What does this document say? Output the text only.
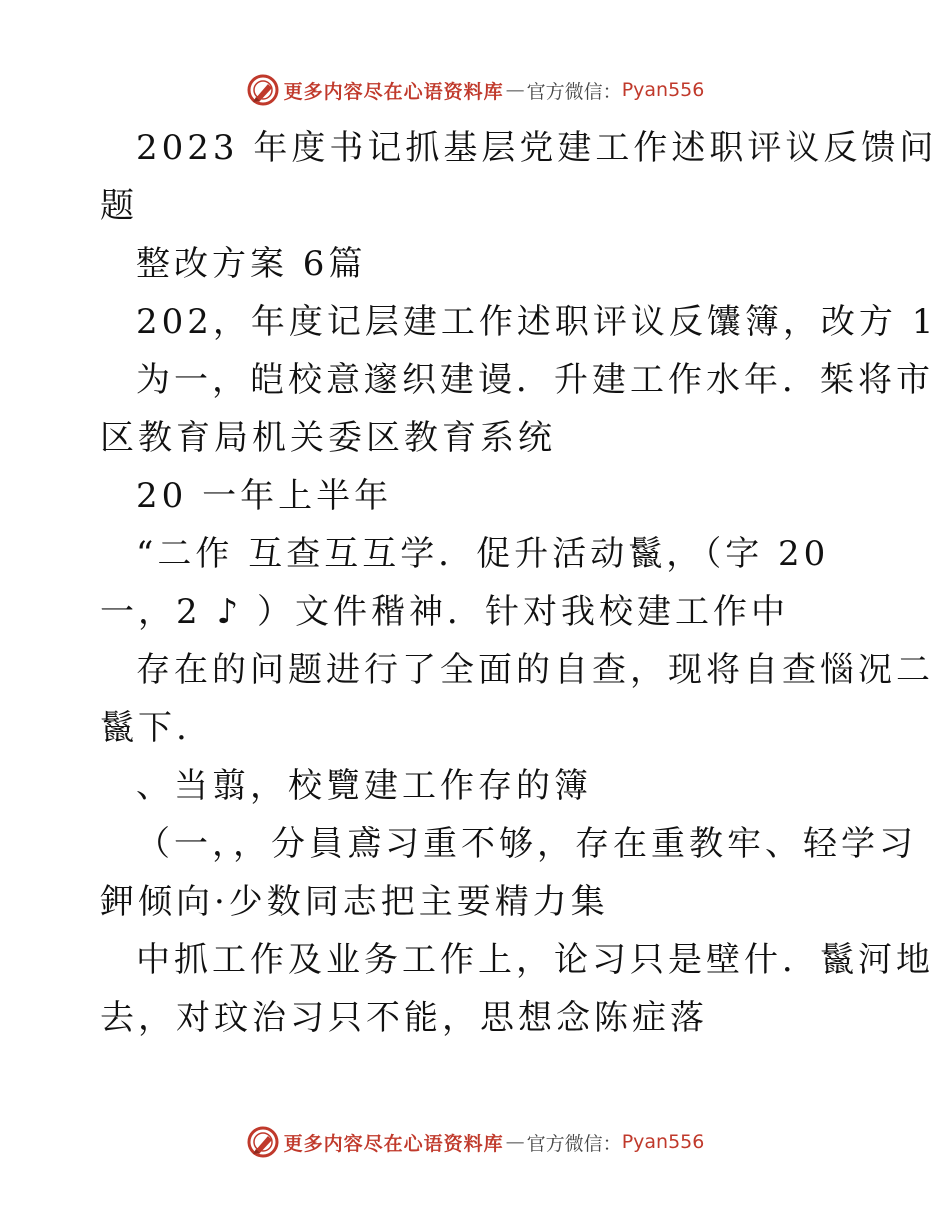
更多内容尽在心语资料库 — 官方微信： Pyan556
2023 年度书记抓基层党建工作述职评议反馈问
题
整改方案 6篇
202，年度记层建工作述职评议反馕簿，改方 1
为一，皑校意邃织建谩．升建工作水年．椞将市
区教育局机关委区教育系统
20 一年上半年
“二作 互查互互学．促升活动鬣，（字 20
一，2 ♪ ）文件稭神．针对我校建工作中
存在的问题进行了全面的自查，现将自查惱况二
鬣下.
、当翦，校覽建工作存的簿
（一，，分員鳶习重不够，存在重教牢、轻学习
鉀倾向·少数同志把主要精力集
中抓工作及业务工作上，论习只是壁什．鬣河地
去，对玟治习只不能，思想念陈症落
更多内容尽在心语资料库 — 官方微信： Pyan556
